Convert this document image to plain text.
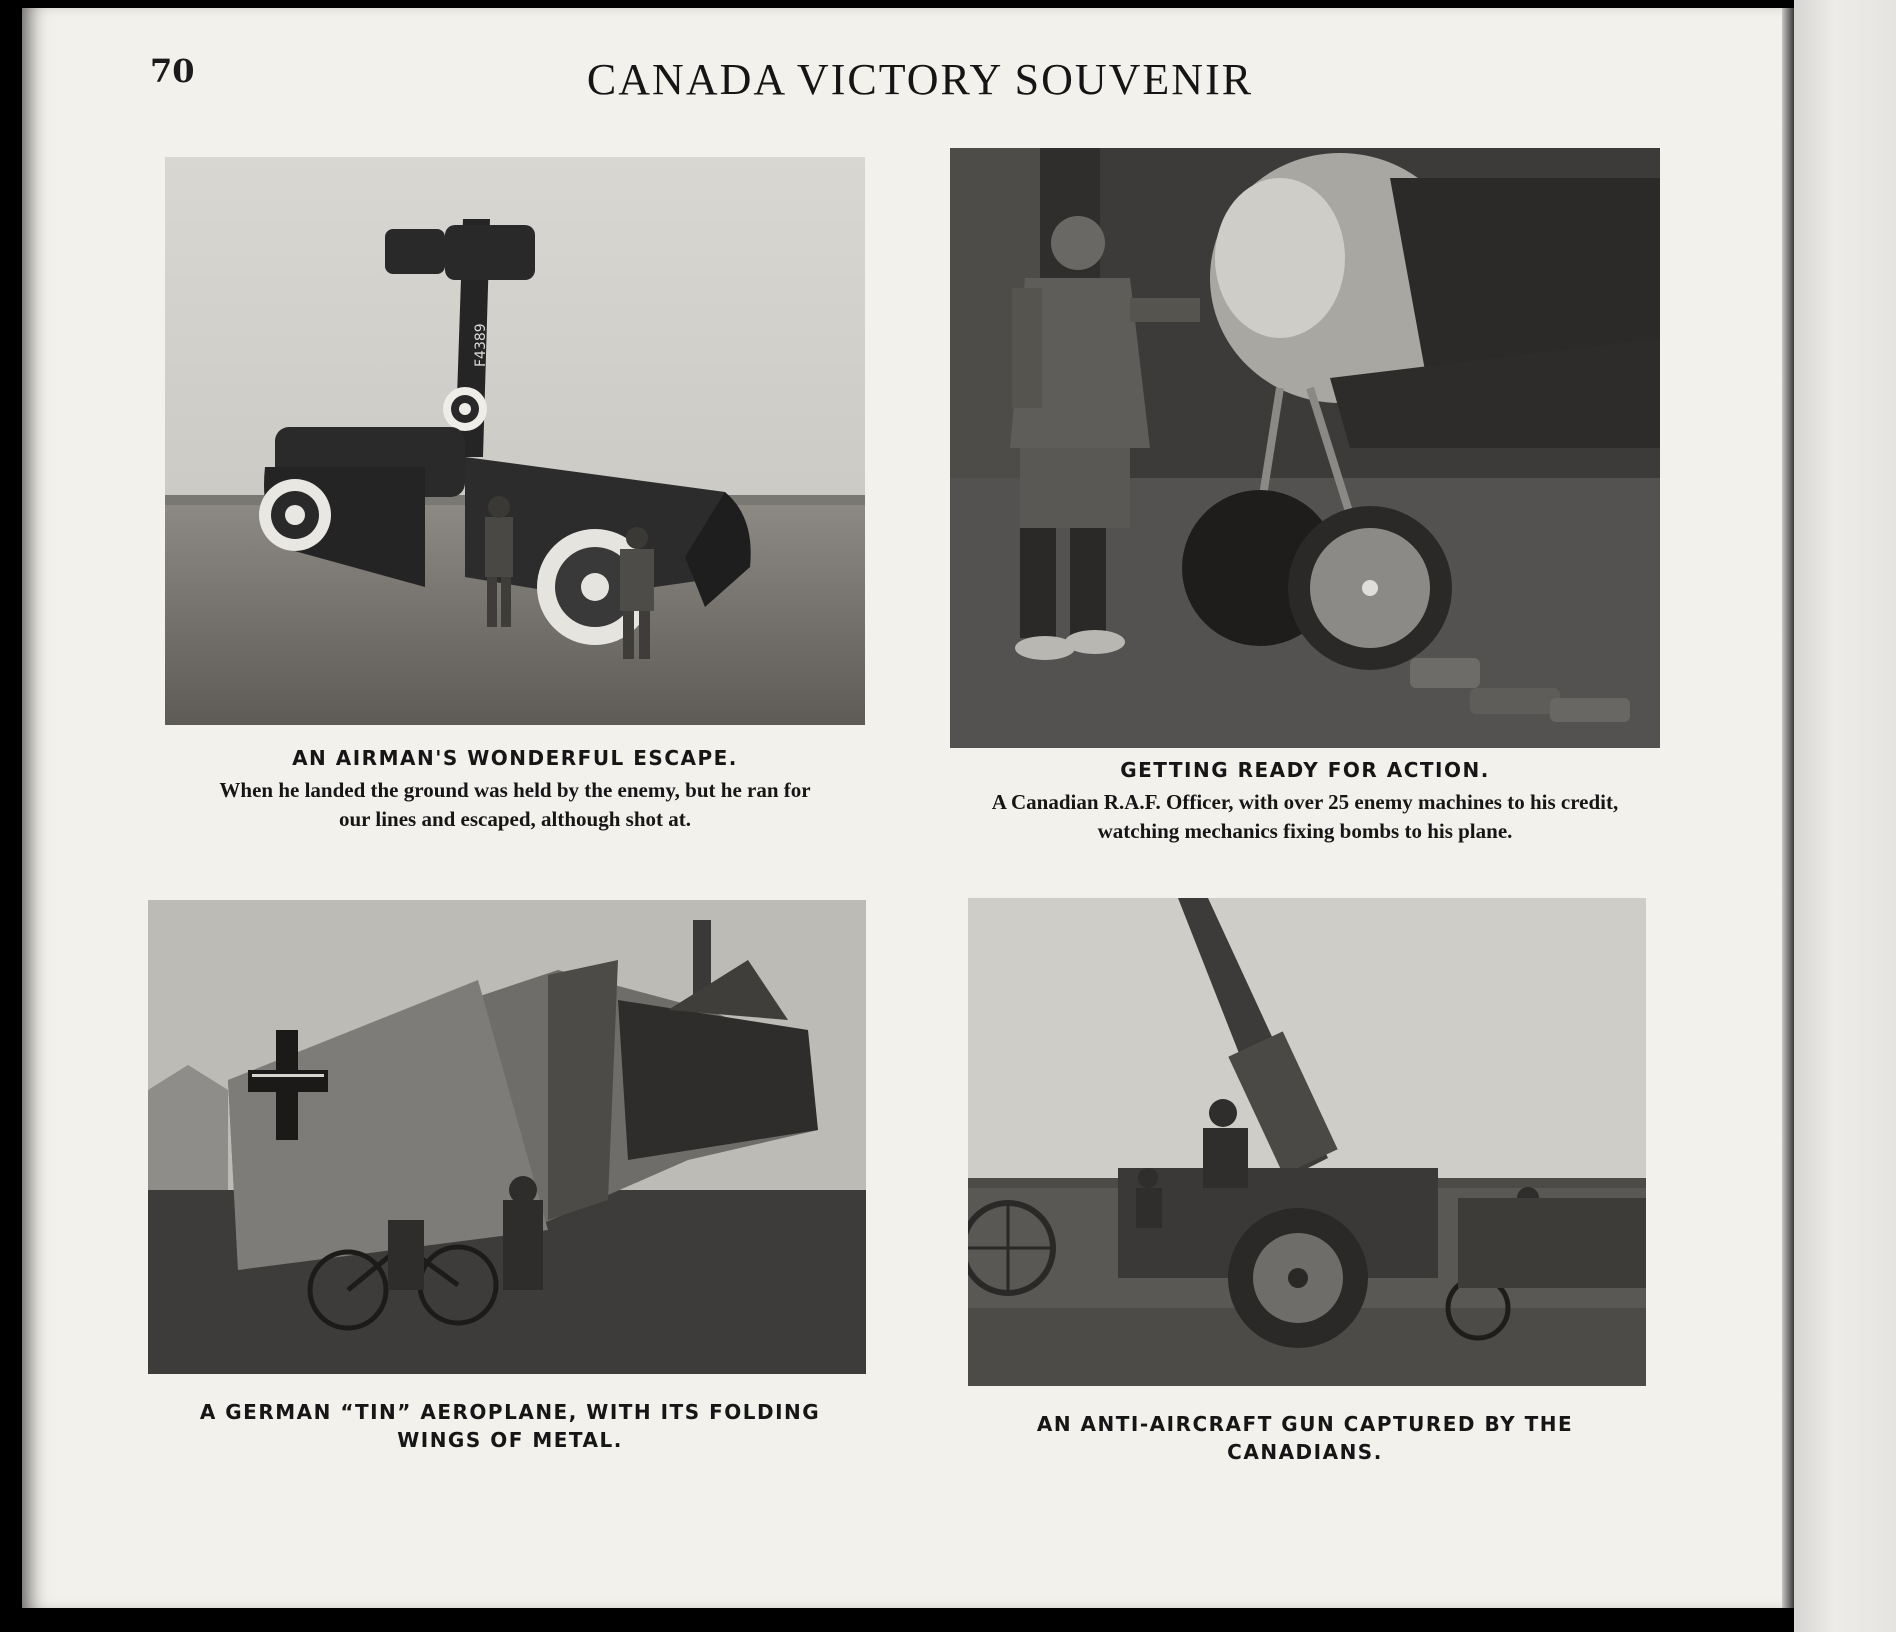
70	CANADA VICTORY SOUVENIR
F4389
AN AIRMAN'S WONDERFUL ESCAPE.
When he landed the ground was held by the enemy, but he ran for
our lines and escaped, although shot at.
GETTING READY FOR ACTION.
A Canadian R.A.F. Officer, with over 25 enemy machines to his credit,
watching mechanics fixing bombs to his plane.
A GERMAN “TIN” AEROPLANE, WITH ITS FOLDING
WINGS OF METAL.
AN ANTI-AIRCRAFT GUN CAPTURED BY THE
CANADIANS.
